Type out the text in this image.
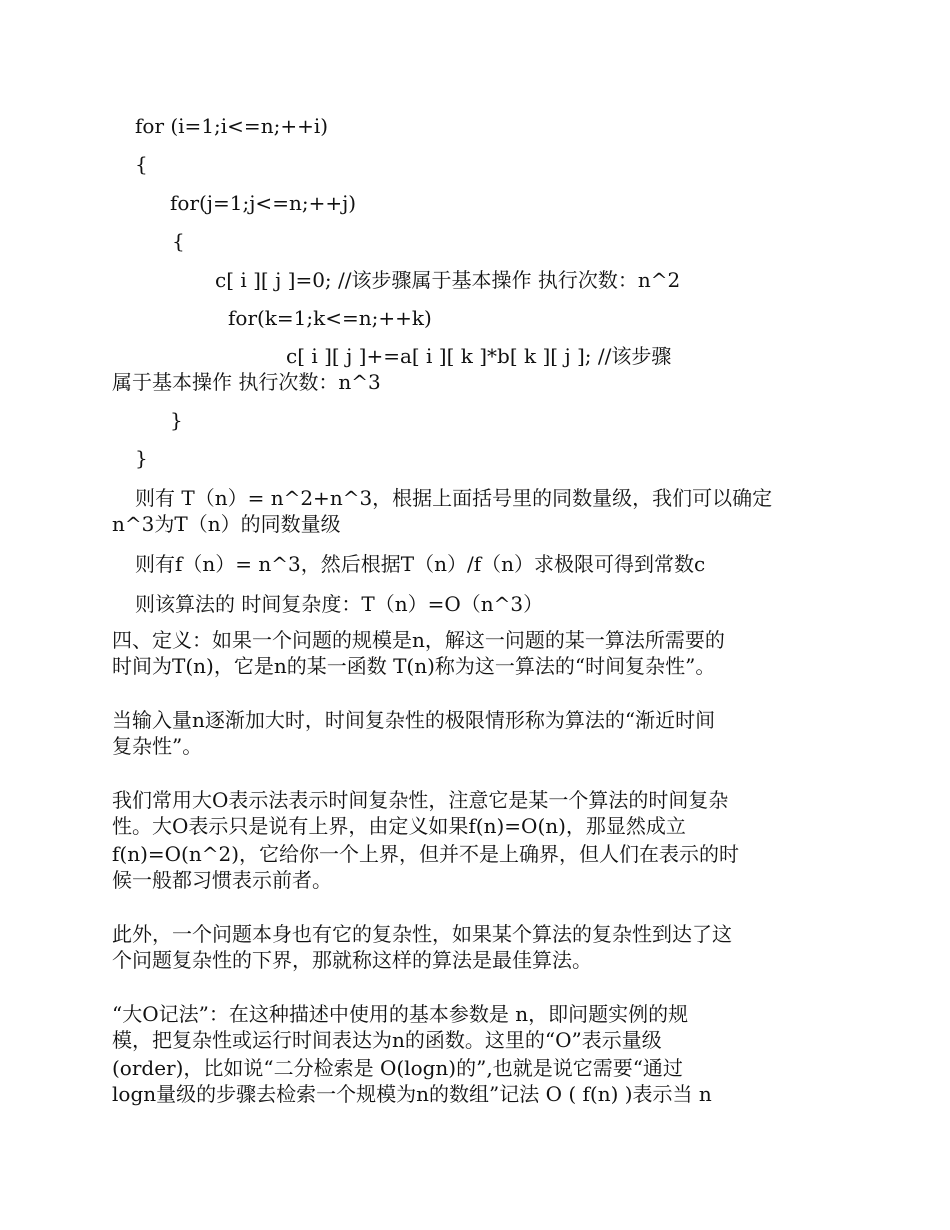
for (i=1;i<=n;++i)
{
for(j=1;j<=n;++j)
{
c[ i ][ j ]=0; //该步骤属于基本操作 执行次数：n^2
for(k=1;k<=n;++k)
c[ i ][ j ]+=a[ i ][ k ]*b[ k ][ j ]; //该步骤
属于基本操作 执行次数：n^3
}
}
则有 T（n）= n^2+n^3，根据上面括号里的同数量级，我们可以确定
n^3为T（n）的同数量级
则有f（n）= n^3，然后根据T（n）/f（n）求极限可得到常数c
则该算法的 时间复杂度：T（n）=O（n^3）
四、定义：如果一个问题的规模是n，解这一问题的某一算法所需要的
时间为T(n)，它是n的某一函数 T(n)称为这一算法的“时间复杂性”。
当输入量n逐渐加大时，时间复杂性的极限情形称为算法的“渐近时间
复杂性”。
我们常用大O表示法表示时间复杂性，注意它是某一个算法的时间复杂
性。大O表示只是说有上界，由定义如果f(n)=O(n)，那显然成立
f(n)=O(n^2)，它给你一个上界，但并不是上确界，但人们在表示的时
候一般都习惯表示前者。
此外，一个问题本身也有它的复杂性，如果某个算法的复杂性到达了这
个问题复杂性的下界，那就称这样的算法是最佳算法。
“大O记法”：在这种描述中使用的基本参数是 n，即问题实例的规
模，把复杂性或运行时间表达为n的函数。这里的“O”表示量级
(order)，比如说“二分检索是 O(logn)的”,也就是说它需要“通过
logn量级的步骤去检索一个规模为n的数组”记法 O ( f(n) )表示当 n
